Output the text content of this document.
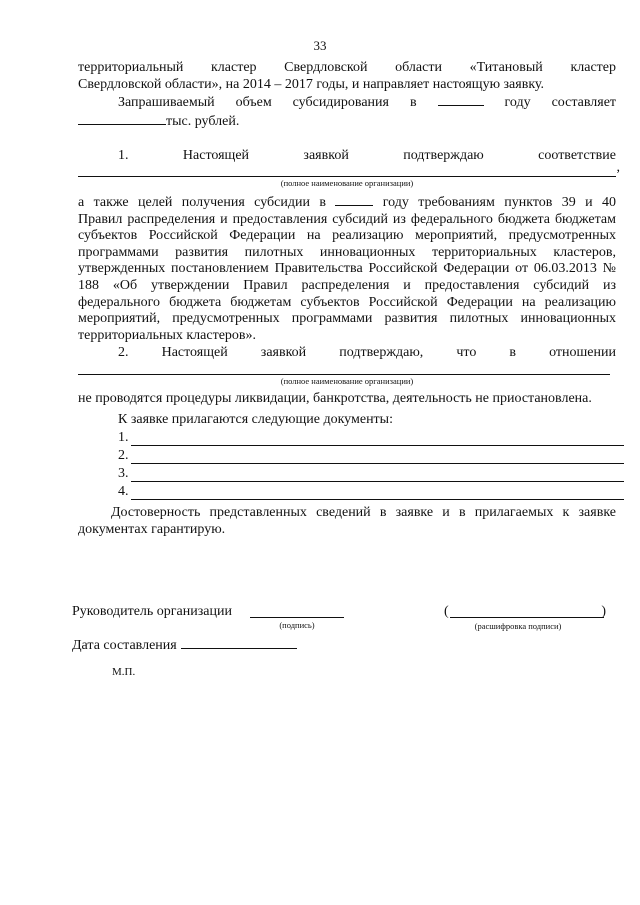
33

территориальный кластер Свердловской области «Титановый кластер

Свердловской области», на 2014 – 2017 годы, и направляет настоящую заявку.

Запрашиваемый объем субсидирования в	году составляет

тыс. рублей.

1. Настоящей заявкой подтверждаю соответствие

,
(полное наименование организации)

а также целей получения субсидии в	году требованиям пунктов 39 и 40

Правил распределения и предоставления субсидий из федерального бюджета бюджетам субъектов Российской Федерации на реализацию мероприятий, предусмотренных программами развития пилотных инновационных территориальных кластеров, утвержденных постановлением Правительства Российской Федерации от 06.03.2013 № 188 «Об утверждении Правил распределения и предоставления субсидий из федерального бюджета бюджетам субъектов Российской Федерации на реализацию мероприятий, предусмотренных программами развития пилотных инновационных территориальных кластеров».

2. Настоящей заявкой подтверждаю, что в отношении

(полное наименование организации)

не проводятся процедуры ликвидации, банкротства, деятельность не приостановлена.

К заявке прилагаются следующие документы:

1.
2.
3.
4.

Достоверность представленных сведений в заявке и в прилагаемых к заявке документах гарантирую.

Руководитель организации
(подпись)
(	)
(расшифровка подписи)
Дата составления
М.П.
